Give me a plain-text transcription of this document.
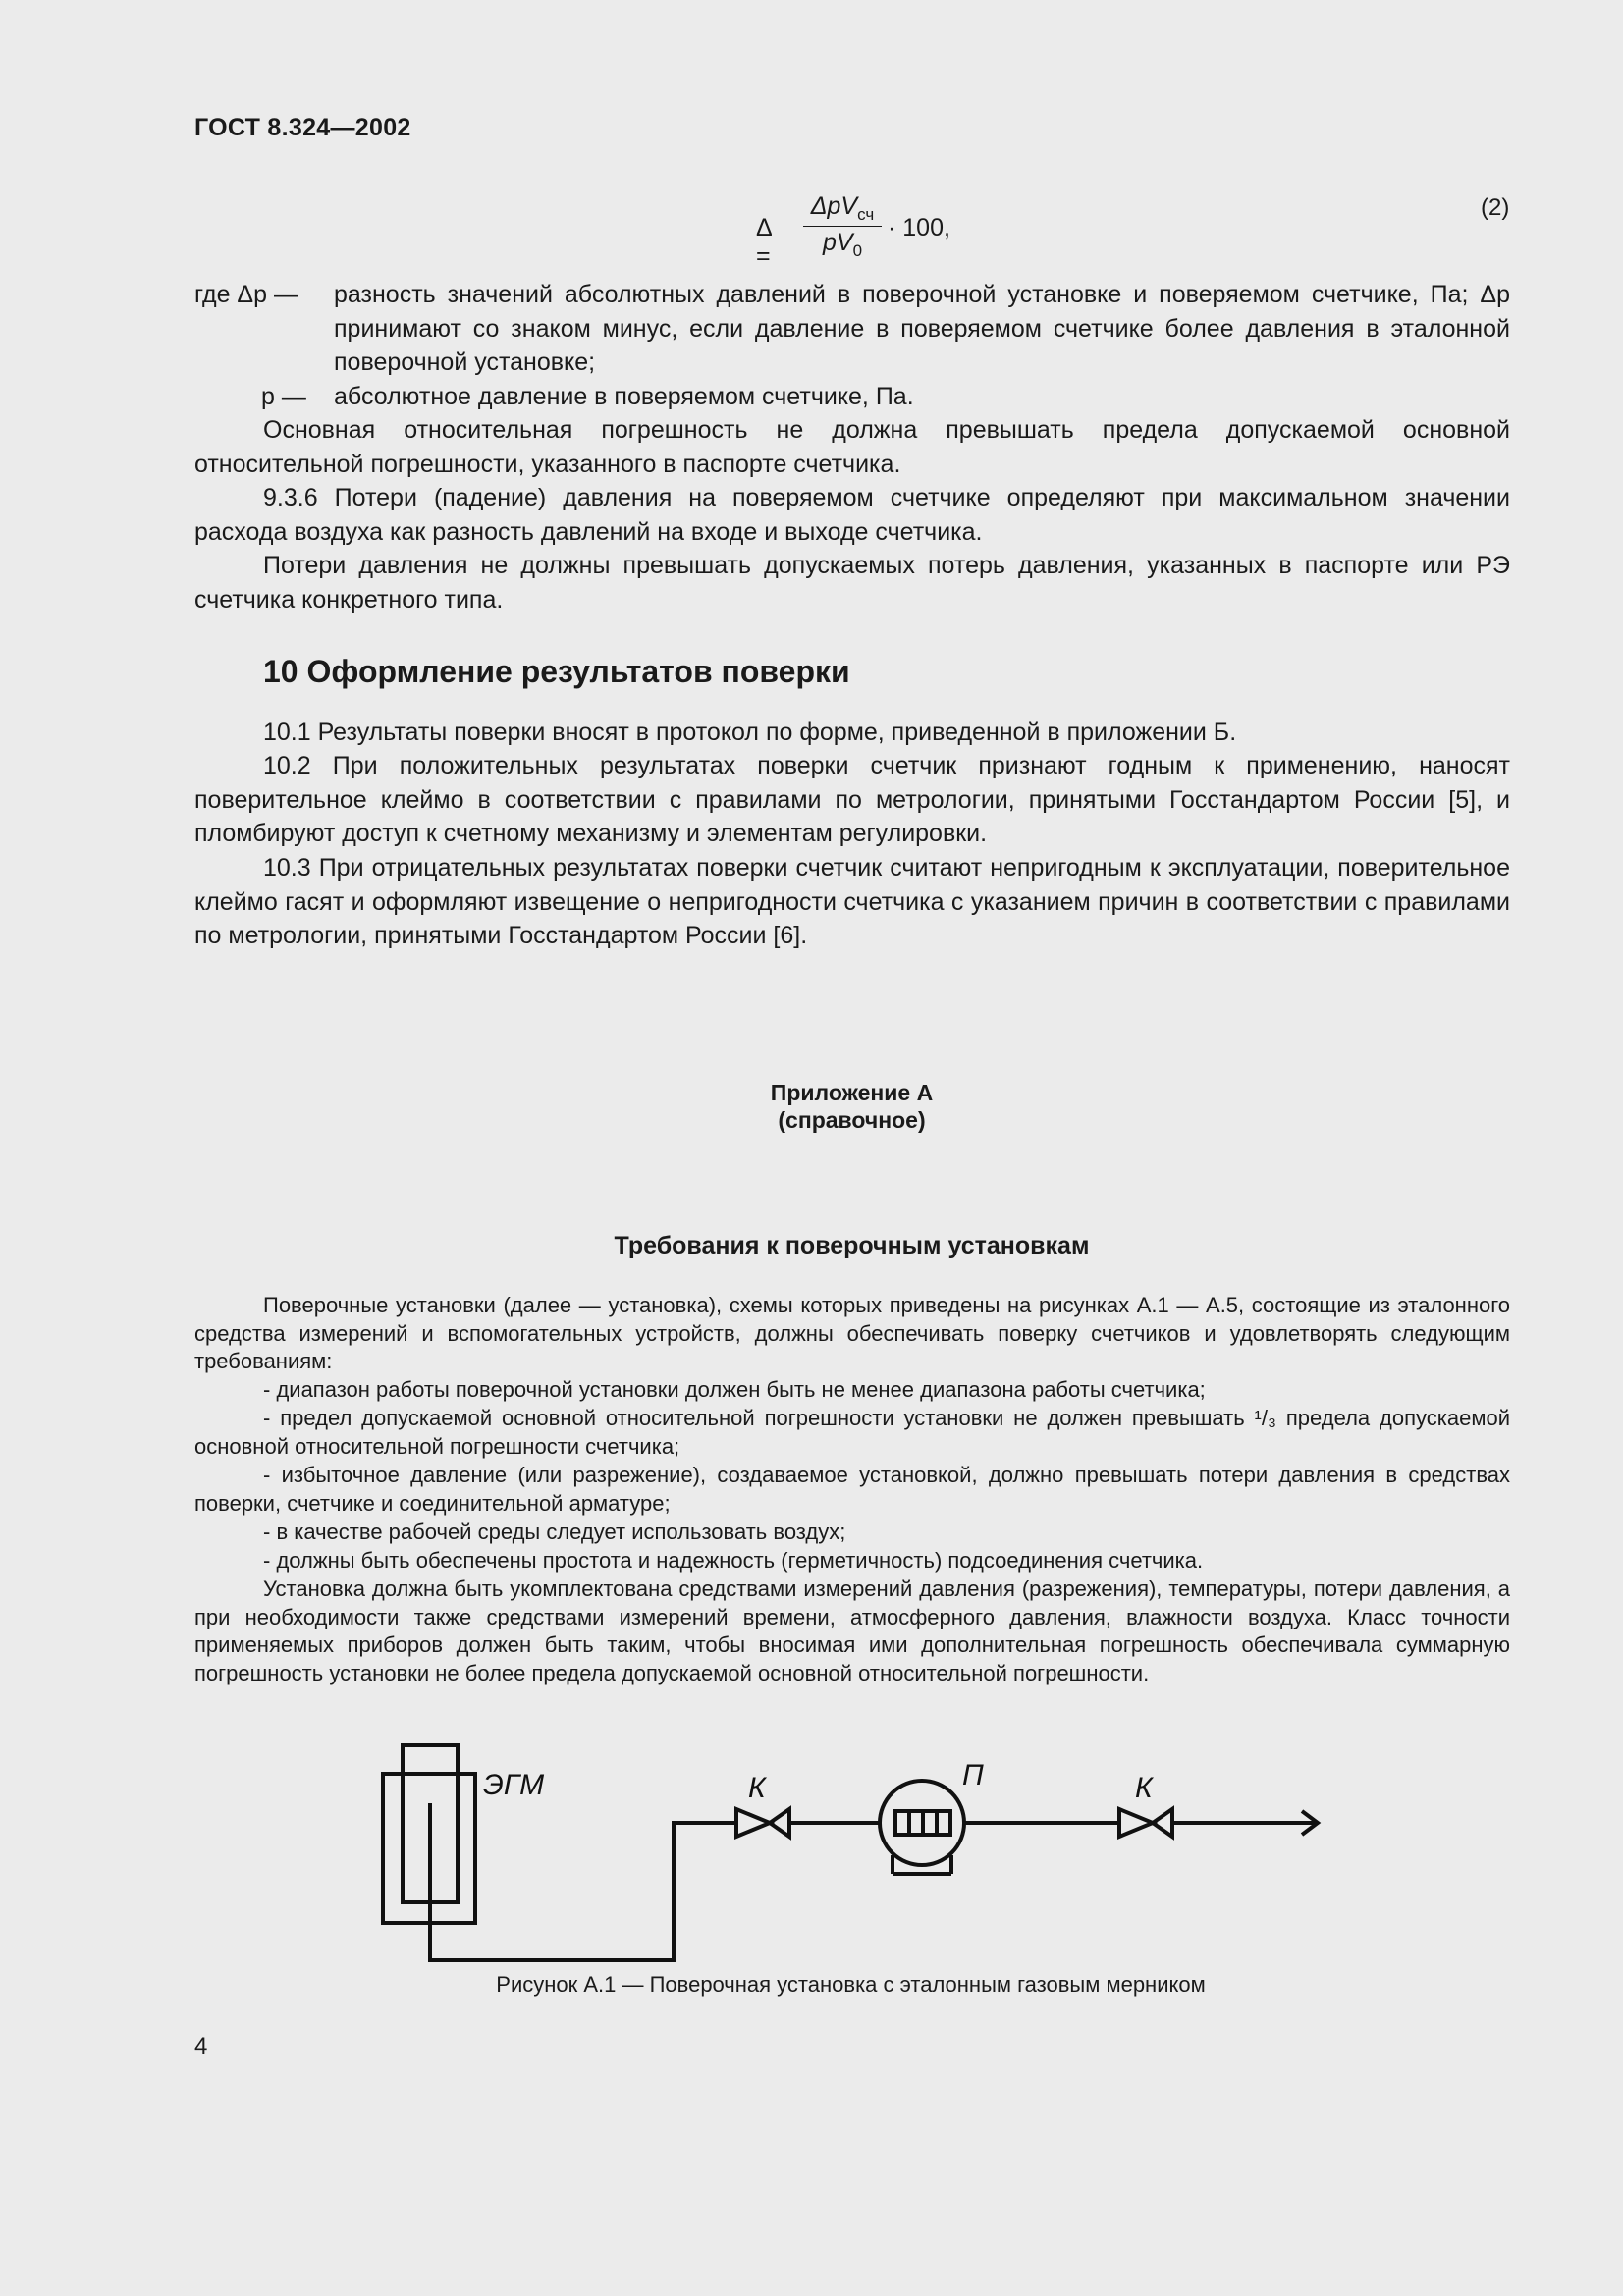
ГОСТ 8.324—2002
Δ =
ΔpV$_{сч}$
$pV_0$
· 100,
(2)
где Δp —	разность значений абсолютных давлений в поверочной установке и поверяемом счетчике, Па; Δp принимают со знаком минус, если давление в поверяемом счетчике более давления в эталонной поверочной установке;
p —	абсолютное давление в поверяемом счетчике, Па.
Основная относительная погрешность не должна превышать предела допускаемой основной относительной погрешности, указанного в паспорте счетчика.
9.3.6 Потери (падение) давления на поверяемом счетчике определяют при максимальном значении расхода воздуха как разность давлений на входе и выходе счетчика.
Потери давления не должны превышать допускаемых потерь давления, указанных в паспорте или РЭ счетчика конкретного типа.
10 Оформление результатов поверки
10.1 Результаты поверки вносят в протокол по форме, приведенной в приложении Б.
10.2 При положительных результатах поверки счетчик признают годным к применению, наносят поверительное клеймо в соответствии с правилами по метрологии, принятыми Госстандартом России [5], и пломбируют доступ к счетному механизму и элементам регулировки.
10.3 При отрицательных результатах поверки счетчик считают непригодным к эксплуатации, поверительное клеймо гасят и оформляют извещение о непригодности счетчика с указанием причин в соответствии с правилами по метрологии, принятыми Госстандартом России [6].
Приложение А
(справочное)
Требования к поверочным установкам
Поверочные установки (далее — установка), схемы которых приведены на рисунках А.1 — А.5, состоящие из эталонного средства измерений и вспомогательных устройств, должны обеспечивать поверку счетчиков и удовлетворять следующим требованиям:
- диапазон работы поверочной установки должен быть не менее диапазона работы счетчика;
- предел допускаемой основной относительной погрешности установки не должен превышать ¹/₃ предела допускаемой основной относительной погрешности счетчика;
- избыточное давление (или разрежение), создаваемое установкой, должно превышать потери давления в средствах поверки, счетчике и соединительной арматуре;
- в качестве рабочей среды следует использовать воздух;
- должны быть обеспечены простота и надежность (герметичность) подсоединения счетчика.
Установка должна быть укомплектована средствами измерений давления (разрежения), температуры, потери давления, а при необходимости также средствами измерений времени, атмосферного давления, влажности воздуха. Класс точности применяемых приборов должен быть таким, чтобы вносимая ими дополнительная погрешность обеспечивала суммарную погрешность установки не более предела допускаемой основной относительной погрешности.
ЭГМ	К	П	К
Рисунок А.1 — Поверочная установка с эталонным газовым мерником
4
